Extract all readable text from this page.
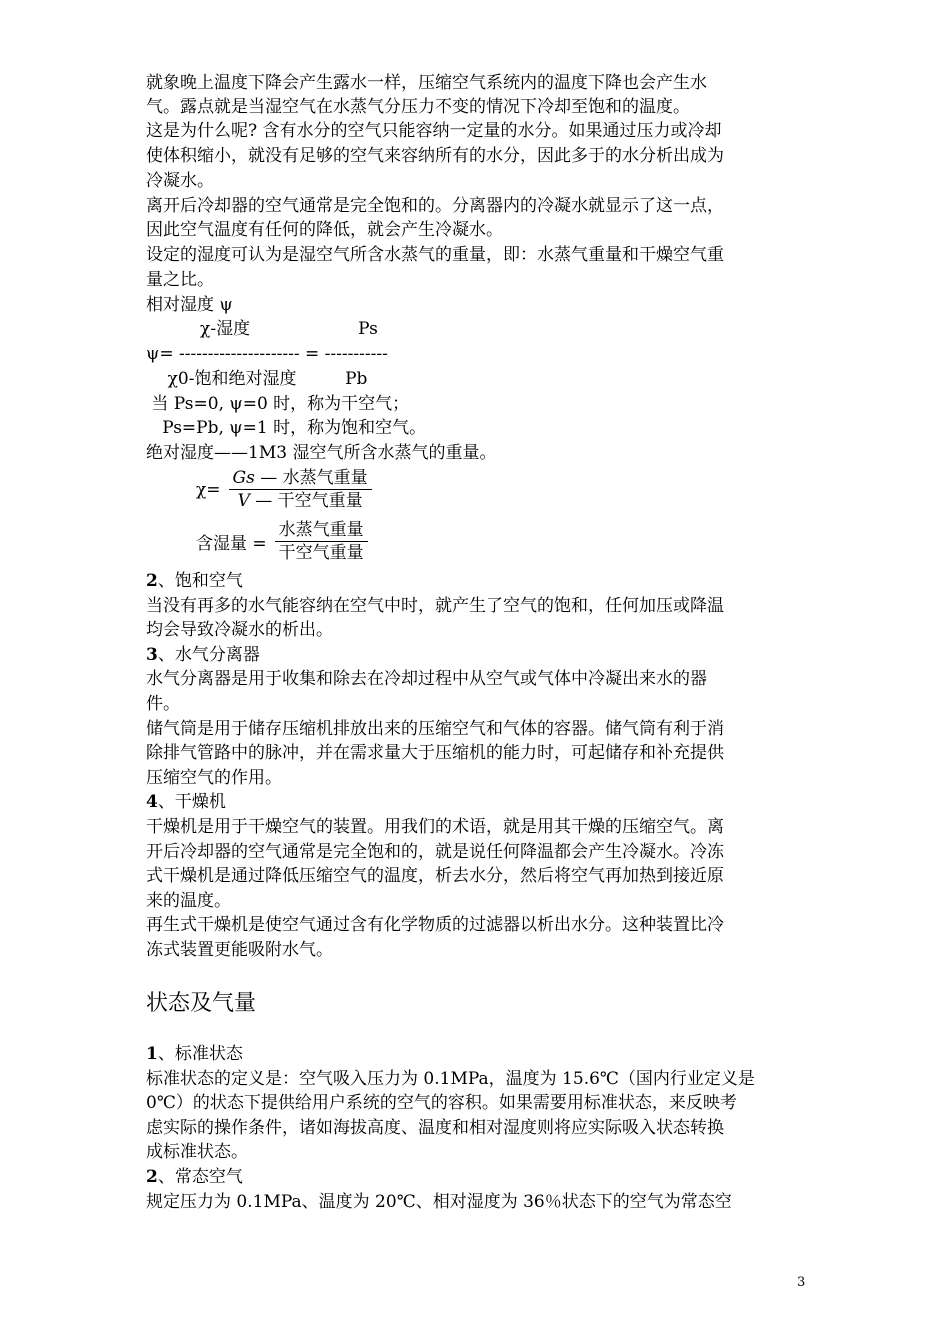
就象晚上温度下降会产生露水一样，压缩空气系统内的温度下降也会产生水
气。露点就是当湿空气在水蒸气分压力不变的情况下冷却至饱和的温度。
这是为什么呢? 含有水分的空气只能容纳一定量的水分。如果通过压力或冷却
使体积缩小，就没有足够的空气来容纳所有的水分，因此多于的水分析出成为
冷凝水。
离开后冷却器的空气通常是完全饱和的。分离器内的冷凝水就显示了这一点，
因此空气温度有任何的降低，就会产生冷凝水。
设定的湿度可认为是湿空气所含水蒸气的重量，即：水蒸气重量和干燥空气重
量之比。
相对湿度 ψ
χ-湿度                    Ps
ψ= --------------------- = -----------
χ0-饱和绝对湿度         Pb
当 Ps=0, ψ=0 时，称为干空气；
Ps=Pb, ψ=1 时，称为饱和空气。
绝对湿度——1M3 湿空气所含水蒸气的重量。
$\chi= \frac{\text{Gs — 水蒸气重量}}{\text{V — 干空气重量}}$
含湿量 = $\frac{\text{水蒸气重量}}{\text{干空气重量}}$
2、饱和空气
当没有再多的水气能容纳在空气中时，就产生了空气的饱和，任何加压或降温
均会导致冷凝水的析出。
3、水气分离器
水气分离器是用于收集和除去在冷却过程中从空气或气体中冷凝出来水的器
件。
储气筒是用于储存压缩机排放出来的压缩空气和气体的容器。储气筒有利于消
除排气管路中的脉冲，并在需求量大于压缩机的能力时，可起储存和补充提供
压缩空气的作用。
4、干燥机
干燥机是用于干燥空气的装置。用我们的术语，就是用其干燥的压缩空气。离
开后冷却器的空气通常是完全饱和的，就是说任何降温都会产生冷凝水。冷冻
式干燥机是通过降低压缩空气的温度，析去水分，然后将空气再加热到接近原
来的温度。
再生式干燥机是使空气通过含有化学物质的过滤器以析出水分。这种装置比冷
冻式装置更能吸附水气。
状态及气量
1、标准状态
标准状态的定义是：空气吸入压力为 0.1MPa，温度为 15.6℃（国内行业定义是
0℃）的状态下提供给用户系统的空气的容积。如果需要用标准状态，来反映考
虑实际的操作条件，诸如海拔高度、温度和相对湿度则将应实际吸入状态转换
成标准状态。
2、常态空气
规定压力为 0.1MPa、温度为 20℃、相对湿度为 36％状态下的空气为常态空
3
